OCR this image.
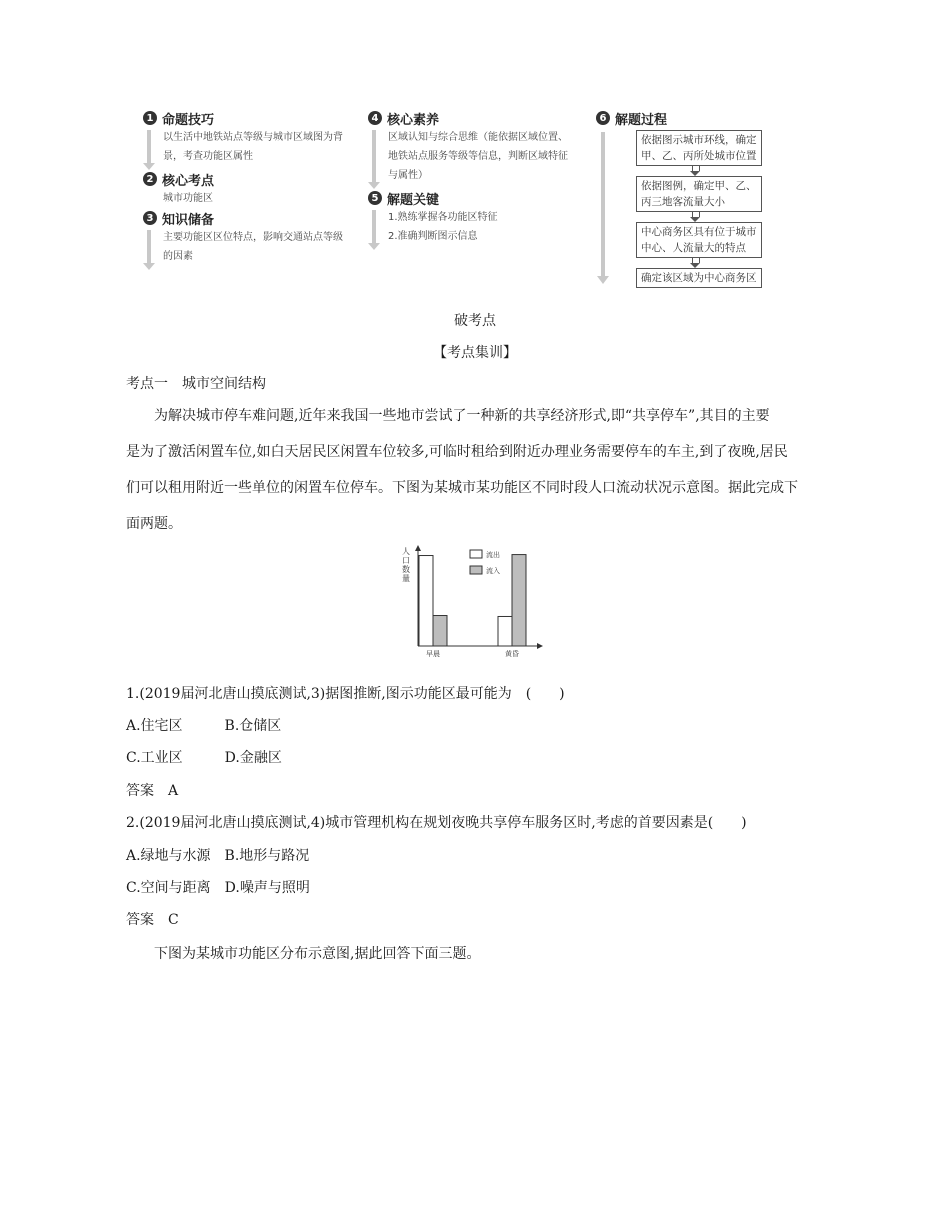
1 命题技巧
以生活中地铁站点等级与城市区域图为背
景，考查功能区属性
2 核心考点
城市功能区
3 知识储备
主要功能区区位特点，影响交通站点等级
的因素
4 核心素养
区域认知与综合思维（能依据区域位置、
地铁站点服务等级等信息，判断区域特征
与属性）
5 解题关键
1.熟练掌握各功能区特征
2.准确判断图示信息
6 解题过程
依据图示城市环线，确定
甲、乙、丙所处城市位置
依据图例，确定甲、乙、
丙三地客流量大小
中心商务区具有位于城市
中心、人流量大的特点
确定该区域为中心商务区
破考点
【考点集训】
考点一　城市空间结构
为解决城市停车难问题,近年来我国一些地市尝试了一种新的共享经济形式,即“共享停车”,其目的主要
是为了激活闲置车位,如白天居民区闲置车位较多,可临时租给到附近办理业务需要停车的车主,到了夜晚,居民
们可以租用附近一些单位的闲置车位停车。下图为某城市某功能区不同时段人口流动状况示意图。据此完成下
面两题。
人
口
数
量
早晨	黄昏
流出
流入
1.(2019届河北唐山摸底测试,3)据图推断,图示功能区最可能为　(　　)
A.住宅区　　　B.仓储区
C.工业区　　　D.金融区
答案　A
2.(2019届河北唐山摸底测试,4)城市管理机构在规划夜晚共享停车服务区时,考虑的首要因素是(　　)
A.绿地与水源　B.地形与路况
C.空间与距离　D.噪声与照明
答案　C
下图为某城市功能区分布示意图,据此回答下面三题。
